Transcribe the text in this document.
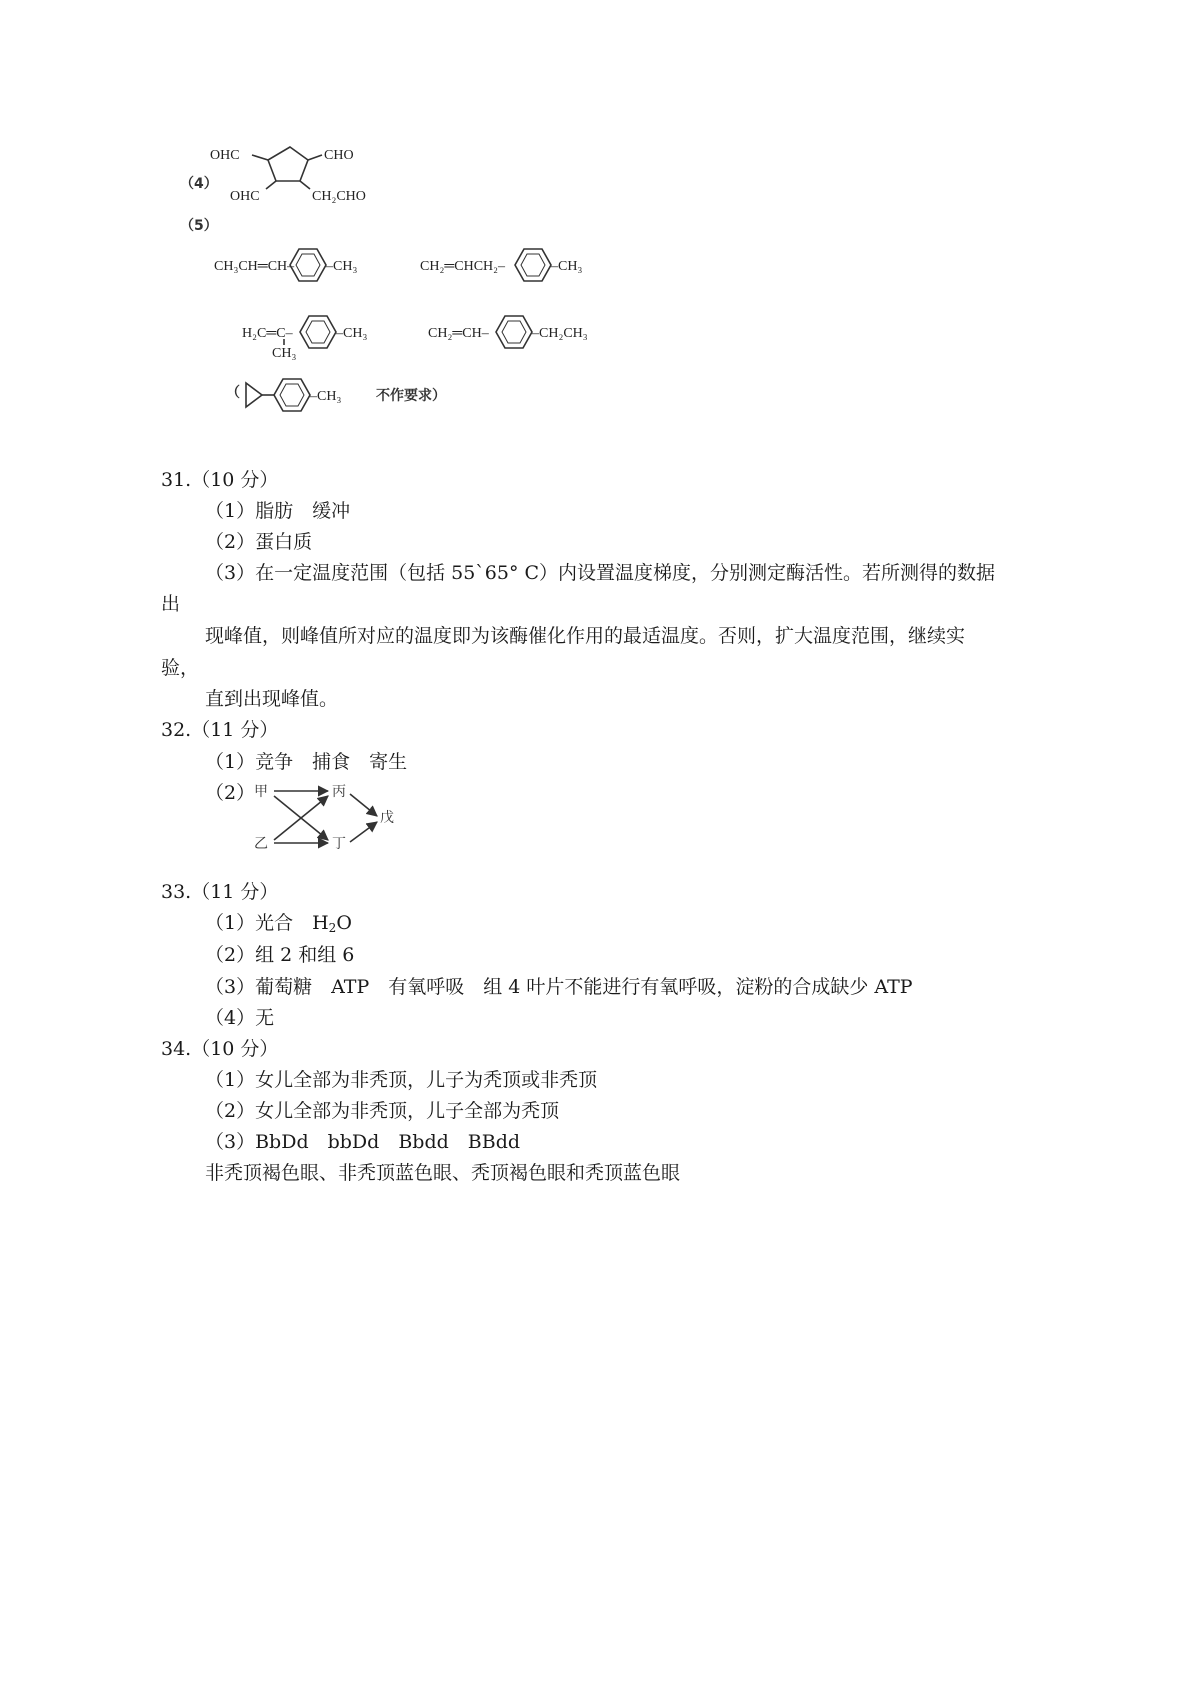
（4）
OHC	CHO
OHC	CH₂CHO
（5）
CH₃CH═CH– –CH₃	CH₂═CHCH₂–	–CH₃
H₂C═C–
CH₃
–CH₃	CH₂═CH–	–CH₂CH₃
（	–CH₃ 不作要求）
31.（10 分）
（1）脂肪　缓冲
（2）蛋白质
（3）在一定温度范围（包括 55`65° C）内设置温度梯度，分别测定酶活性。若所测得的数据
出
现峰值，则峰值所对应的温度即为该酶催化作用的最适温度。否则，扩大温度范围，继续实
验，
直到出现峰值。
32.（11 分）
（1）竞争　捕食　寄生
（2）
甲
乙
丙
丁
戊
33.（11 分）
（1）光合　$H_2O$
（2）组 2 和组 6
（3）葡萄糖　ATP　有氧呼吸　组 4 叶片不能进行有氧呼吸，淀粉的合成缺少 ATP
（4）无
34.（10 分）
（1）女儿全部为非秃顶，儿子为秃顶或非秃顶
（2）女儿全部为非秃顶，儿子全部为秃顶
（3）BbDd　bbDd　Bbdd　BBdd
非秃顶褐色眼、非秃顶蓝色眼、秃顶褐色眼和秃顶蓝色眼
